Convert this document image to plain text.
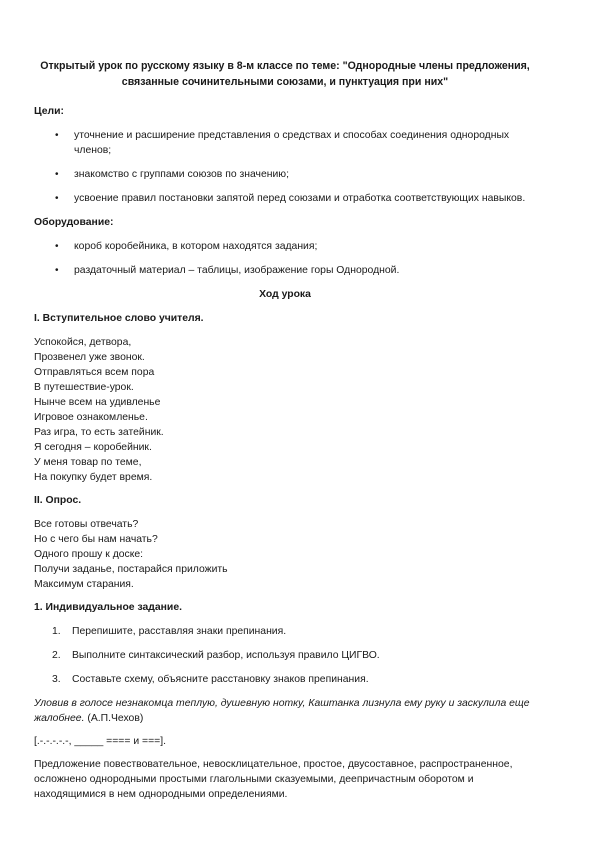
Открытый урок по русскому языку в 8-м классе по теме: "Однородные члены предложения,
связанные сочинительными союзами, и пунктуация при них"
Цели:
• уточнение и расширение представления о средствах и способах соединения однородных членов;
• знакомство с группами союзов по значению;
• усвоение правил постановки запятой перед союзами и отработка соответствующих навыков.
Оборудование:
• короб коробейника, в котором находятся задания;
• раздаточный материал – таблицы, изображение горы Однородной.
Ход урока
I. Вступительное слово учителя.
Успокойся, детвора,
Прозвенел уже звонок.
Отправляться всем пора
В путешествие-урок.
Нынче всем на удивленье
Игровое ознакомленье.
Раз игра, то есть затейник.
Я сегодня – коробейник.
У меня товар по теме,
На покупку будет время.
II. Опрос.
Все готовы отвечать?
Но с чего бы нам начать?
Одного прошу к доске:
Получи заданье, постарайся приложить
Максимум старания.
1. Индивидуальное задание.
1. Перепишите, расставляя знаки препинания.
2. Выполните синтаксический разбор, используя правило ЦИГВО.
3. Составьте схему, объясните расстановку знаков препинания.
Уловив в голосе незнакомца теплую, душевную нотку, Каштанка лизнула ему руку и заскулила еще жалобнее. (А.П.Чехов)
[.-.-.-.-.-, _____ ==== и ===].
Предложение повествовательное, невосклицательное, простое, двусоставное, распространенное, осложнено однородными простыми глагольными сказуемыми, деепричастным оборотом и находящимися в нем однородными определениями.
